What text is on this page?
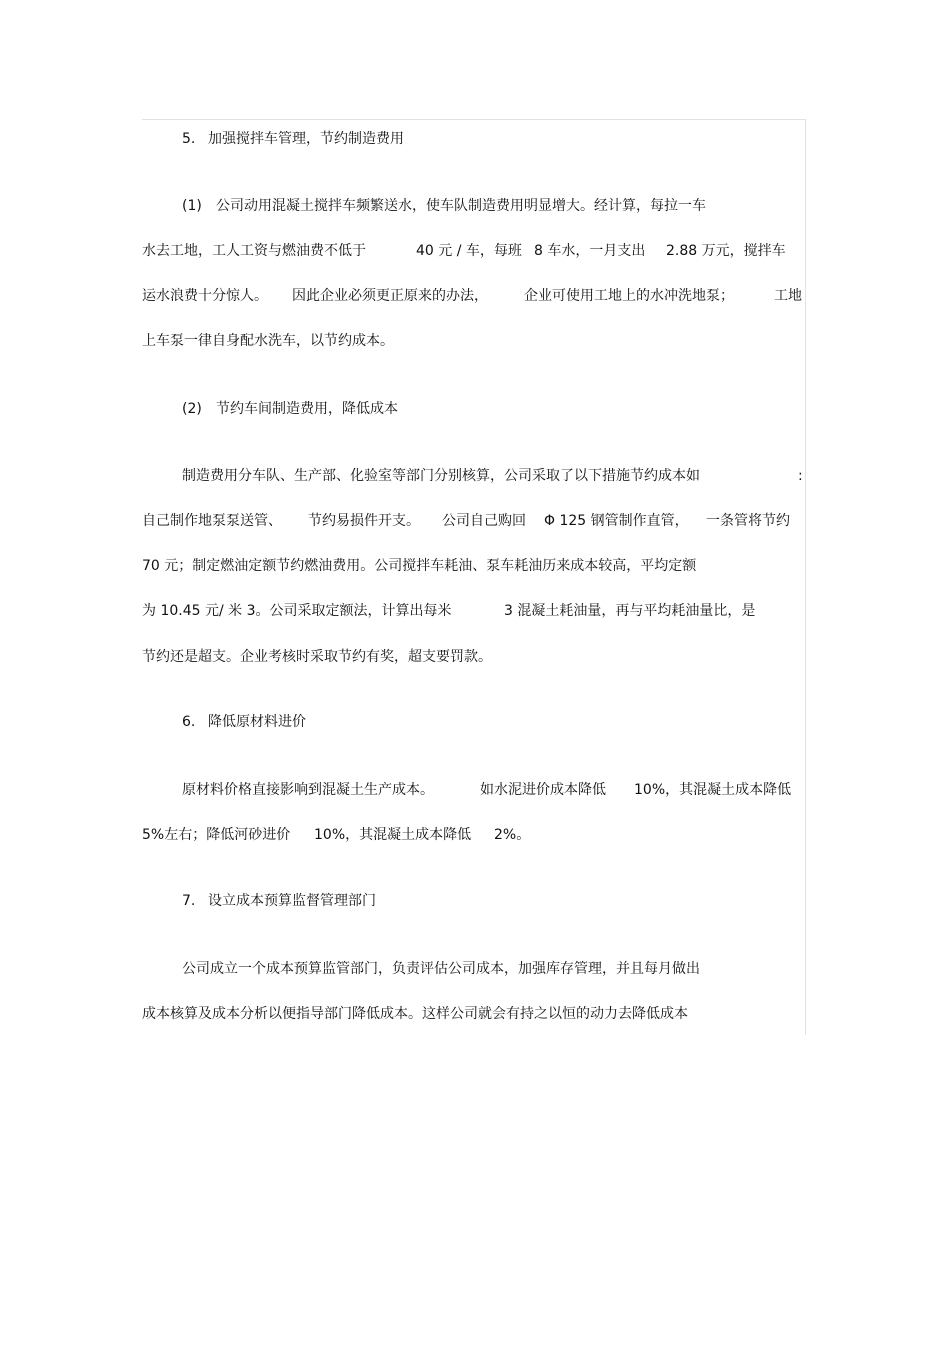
5. 加强搅拌车管理，节约制造费用
(1) 公司动用混凝土搅拌车频繁送水，使车队制造费用明显增大。经计算，每拉一车
水去工地，工人工资与燃油费不低于	40 元 / 车，每班 8 车水，一月支出 2.88 万元，搅拌车
运水浪费十分惊人。 因此企业必须更正原来的办法，	企业可使用工地上的水冲洗地泵；	工地
上车泵一律自身配水洗车，以节约成本。
(2) 节约车间制造费用，降低成本
制造费用分车队、生产部、化验室等部门分别核算，公司采取了以下措施节约成本如	:
自己制作地泵泵送管、 节约易损件开支。 公司自己购回 Φ 125 钢管制作直管， 一条管将节约
70 元；制定燃油定额节约燃油费用。公司搅拌车耗油、泵车耗油历来成本较高，平均定额
为 10.45 元/ 米 3。公司采取定额法，计算出每米	3 混凝土耗油量，再与平均耗油量比，是
节约还是超支。企业考核时采取节约有奖，超支要罚款。
6. 降低原材料进价
原材料价格直接影响到混凝土生产成本。	如水泥进价成本降低 10%，其混凝土成本降低
5%左右；降低河砂进价 10%，其混凝土成本降低 2%。
7. 设立成本预算监督管理部门
公司成立一个成本预算监管部门，负责评估公司成本，加强库存管理，并且每月做出
成本核算及成本分析以便指导部门降低成本。这样公司就会有持之以恒的动力去降低成本
